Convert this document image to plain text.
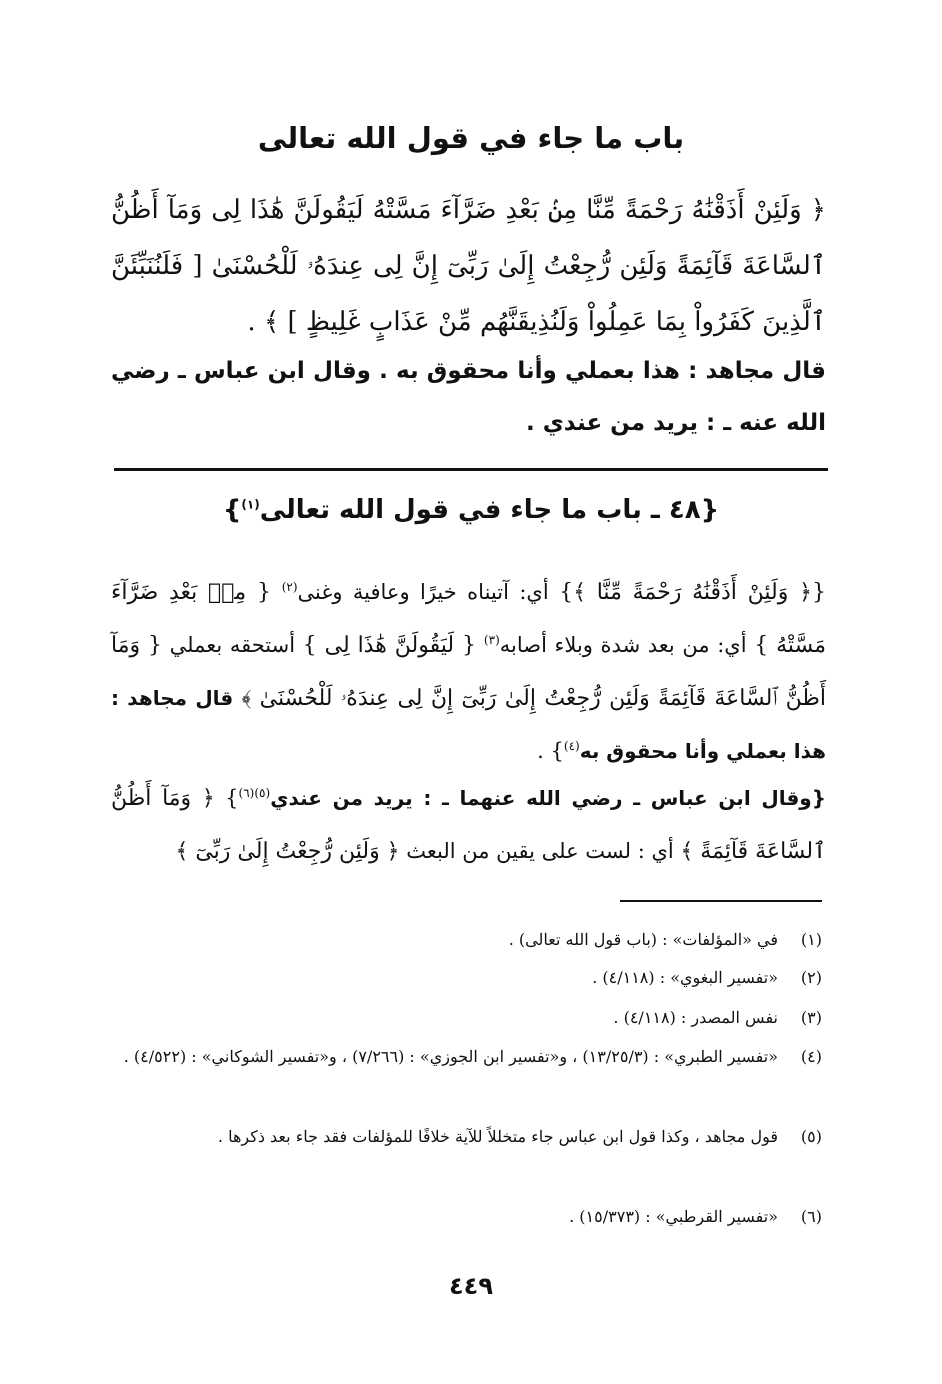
باب ما جاء في قول الله تعالى
﴿ وَلَئِنْ أَذَقْنَٰهُ رَحْمَةً مِّنَّا مِنۢ بَعْدِ ضَرَّآءَ مَسَّتْهُ لَيَقُولَنَّ هَٰذَا لِى وَمَآ أَظُنُّ ٱلسَّاعَةَ قَآئِمَةً وَلَئِن رُّجِعْتُ إِلَىٰ رَبِّىٓ إِنَّ لِى عِندَهُۥ لَلْحُسْنَىٰ [ فَلَنُنَبِّئَنَّ ٱلَّذِينَ كَفَرُواْ بِمَا عَمِلُواْ وَلَنُذِيقَنَّهُم مِّنْ عَذَابٍ غَلِيظٍ ] ﴾ .
قال مجاهد : هذا بعملي وأنا محقوق به . وقال ابن عباس ـ رضي الله عنه ـ : يريد من عندي .
{٤٨ ـ باب ما جاء في قول الله تعالى$^{(١)}$}
{﴿ وَلَئِنْ أَذَقْنَٰهُ رَحْمَةً مِّنَّا ﴾} أي: آتيناه خيرًا وعافية وغنى$^{(٢)}$ { مِنۢ بَعْدِ ضَرَّآءَ مَسَّتْهُ } أي: من بعد شدة وبلاء أصابه$^{(٣)}$ { لَيَقُولَنَّ هَٰذَا لِى } أستحقه بعملي { وَمَآ أَظُنُّ ٱلسَّاعَةَ قَآئِمَةً وَلَئِن رُّجِعْتُ إِلَىٰ رَبِّىٓ إِنَّ لِى عِندَهُۥ لَلْحُسْنَىٰ ﴾ قال مجاهد : هذا بعملي وأنا محقوق به$^{(٤)}$} .
{وقال ابن عباس ـ رضي الله عنهما ـ : يريد من عندي$^{(٥)(٦)}$} ﴿ وَمَآ أَظُنُّ ٱلسَّاعَةَ قَآئِمَةً ﴾ أي : لست على يقين من البعث ﴿ وَلَئِن رُّجِعْتُ إِلَىٰ رَبِّىٓ ﴾
(١)
في «المؤلفات» : (باب قول الله تعالى) .
(٢)
«تفسير البغوي» : (٤/١١٨) .
(٣)
نفس المصدر : (٤/١١٨) .
(٤)
«تفسير الطبري» : (١٣/٢٥/٣) ، و«تفسير ابن الجوزي» : (٧/٢٦٦) ، و«تفسير الشوكاني» : (٤/٥٢٢) .
(٥)
قول مجاهد ، وكذا قول ابن عباس جاء متخللاً للآية خلافًا للمؤلفات فقد جاء بعد ذكرها .
(٦)
«تفسير القرطبي» : (١٥/٣٧٣) .
٤٤٩
